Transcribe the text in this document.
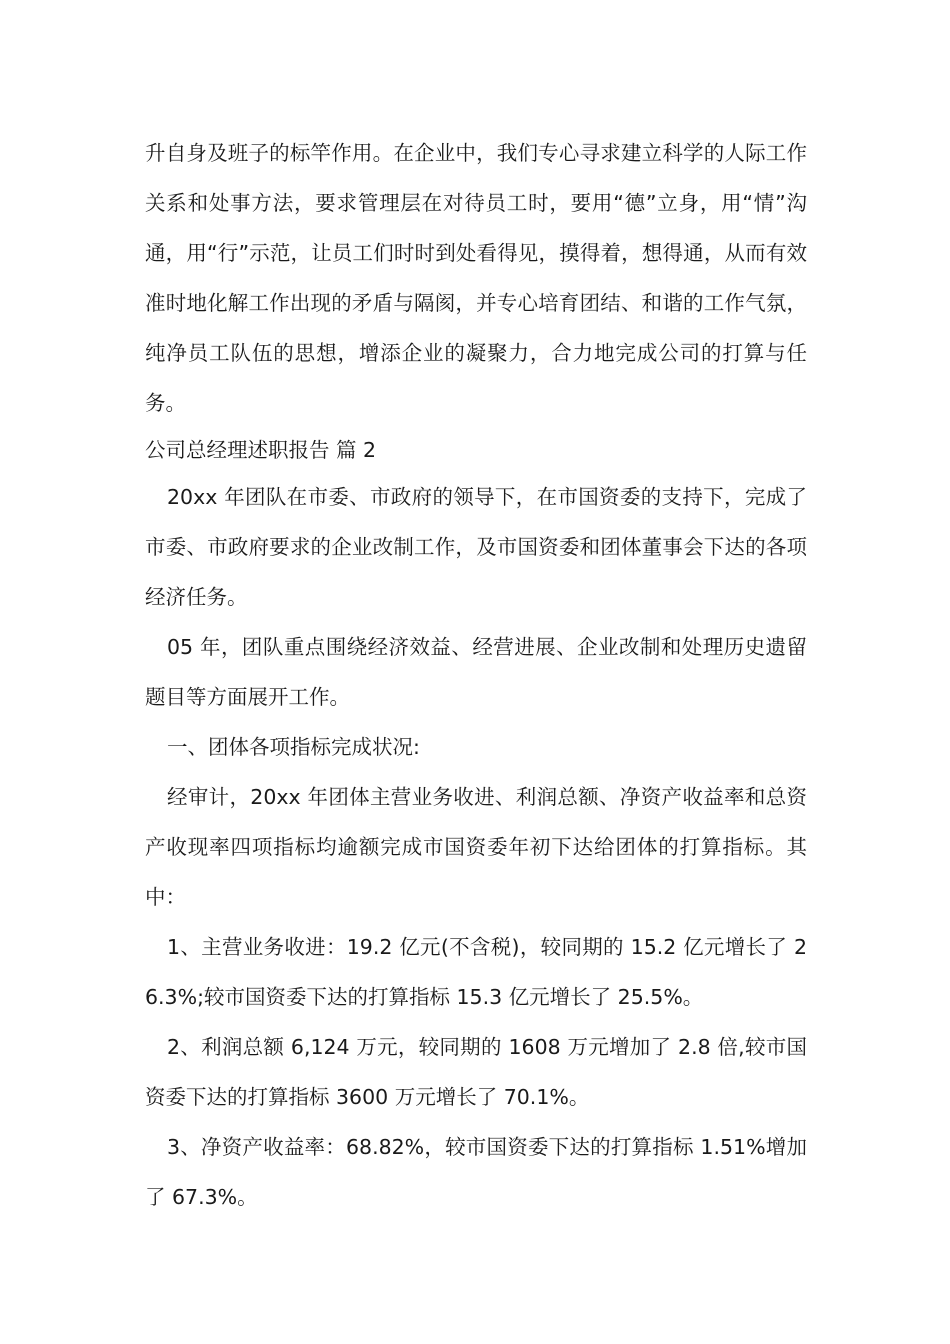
升自身及班子的标竿作用。在企业中，我们专心寻求建立科学的人际工作关系和处事方法，要求管理层在对待员工时，要用“德”立身，用“情”沟通，用“行”示范，让员工们时时到处看得见，摸得着，想得通，从而有效准时地化解工作出现的矛盾与隔阂，并专心培育团结、和谐的工作气氛，纯净员工队伍的思想，增添企业的凝聚力，合力地完成公司的打算与任务。

公司总经理述职报告 篇 2

20xx 年团队在市委、市政府的领导下，在市国资委的支持下，完成了市委、市政府要求的企业改制工作，及市国资委和团体董事会下达的各项经济任务。

05 年，团队重点围绕经济效益、经营进展、企业改制和处理历史遗留题目等方面展开工作。

一、团体各项指标完成状况:

经审计，20xx 年团体主营业务收进、利润总额、净资产收益率和总资产收现率四项指标均逾额完成市国资委年初下达给团体的打算指标。其中：

1、主营业务收进：19.2 亿元(不含税)，较同期的 15.2 亿元增长了 26.3%;较市国资委下达的打算指标 15.3 亿元增长了 25.5%。

2、利润总额 6,124 万元，较同期的 1608 万元增加了 2.8 倍,较市国资委下达的打算指标 3600 万元增长了 70.1%。

3、净资产收益率：68.82%，较市国资委下达的打算指标 1.51%增加了 67.3%。
